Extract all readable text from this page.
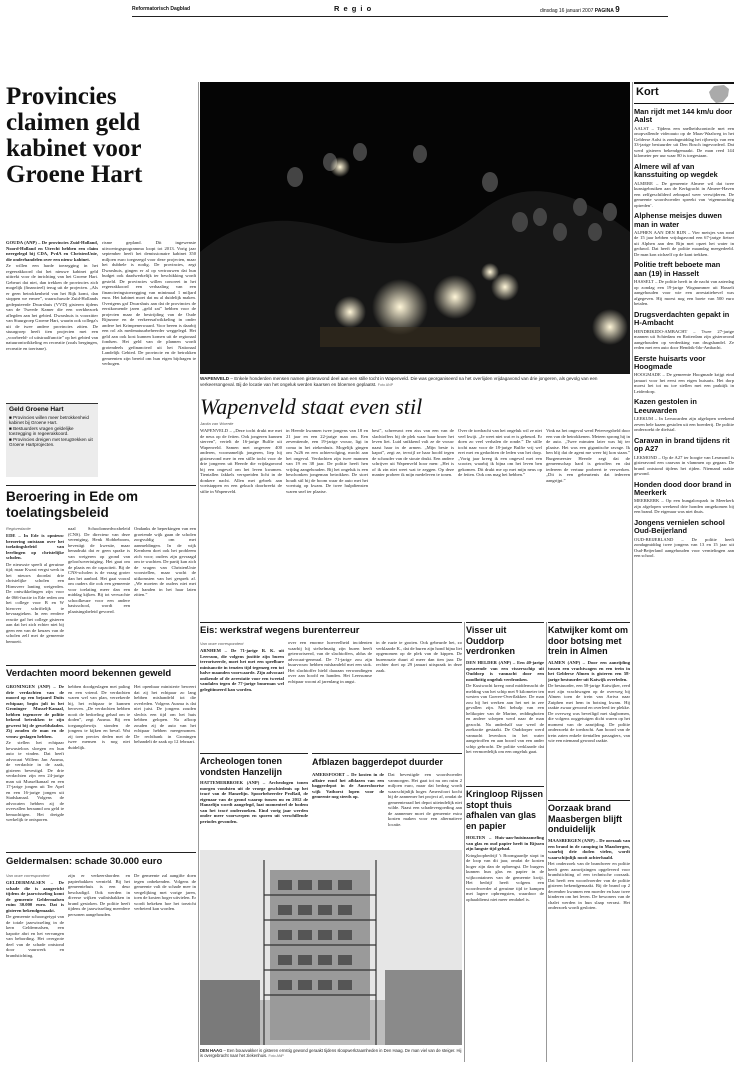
Reformatorisch Dagblad	R e g i o	dinsdag 16 januari 2007 PAGINA 9
Provincies claimen geld kabinet voor Groene Hart

GOUDA (ANP) – De provincies Zuid-Holland, Noord-Holland en Utrecht hebben een claim neergelegd bij CDA, PvdA en ChristenUnie, die onderhandelen over een nieuw kabinet.

Ze willen een harde toezegging in het regeerakkoord dat het nieuwe kabinet geld uittrekt voor de inrichting van het Groene Hart. Gebeurt dat niet, dan trekken de provincies zich mogelijk (financieel) terug uit de projecten. „Als er geen betrokkenheid van het Rijk komt, dan stoppen we ermee”, waarschuwde Zuid-Hollands gedeputeerde Dwarshuis (VVD) gisteren tijdens van de Tweede Kamer die een werkbezoek aflegden aan het gebied. Dwarshuis is voorzitter van Stuurgroep Groene Hart, waarin ook collega's uit de twee andere provincies zitten. De stuurgroep heeft tien projecten met een „voorbeeld- of uitstraalfunctie” op het gebied van natuurontwikkeling en recreatie (zoals bergingen, recreatie en toerisme).

risme gepland. Dit ingewenste uitvoeringsprogramma loopt tot 2013. Vorig jaar september heeft het demissionaire kabinet 350 miljoen euro toegezegd voor deze projecten, maar het dubbele is nodig. De provincies, zegt Dwarshuis, gingen er al op vertrouwen dat hun budget ook daadwerkelijk ter beschikking wordt gesteld. De provincies willen concreet in het regeerakkoord een verhaaling van een financieringstoezegging van minimaal 1 miljard euro. Het kabinet moet dat nu al duidelijk maken. Overigens gaf Dwarshuis aan dat de provincies de eerstkomende jaren „geld zat” hebben voor de projecten maar de bestrijding van de Oude Rijnzone en de verkeersafwikkeling in onder andere het Krimpenerwaard. Voor beeen is daarbij een rol als medenatuurbeheerder weggelegd. Het geld aan ook kost kunnen komen uit de regionaal fondsen. Het geld van de plannen wordt grotendeels gefinancierd uit het Nationaal Landelijk Gebied. De provincie en de betrokken gemeenten zijn bereid om hun eigen bijdragen te verhogen.

Geld Groene Hart
■ Provincies willen meer betrokkenheid kabinet bij Groene Hart.
■ Bestuurders vragen geldelijke toezegging in regeerakkoord.
■ Provincies dreigen met terugtrekken uit Groene Hartprojecten.
Beroering in Ede om toelatingsbeleid
Regioredactie

EDE – In Ede is opnieuw beroering ontstaan over het toelatingsbeleid van leerlingen op christelijke scholen.

De nieuwste speelt al geruime tijd; maar Kwast vergst werk in het nieuws doordat drie christelijke scholen een Hirnsveer lanting weigerden. De ontwikkelingen zijn voor de 066-fractie in Ede reden om het college voor B en W hierover schriftelijk te bevraagteken. In een eerdere reactie gaf het college gisteren aan dat het zich echter niet bij geen een van de keuzes van de scholen zelf met de gemeente bemoeit.

naal Schoolonnedvoxbeleid (CNS). De directeur van deze vereniging, Henk Slobbeboom, bevestigt de kwestie, maar benadrukt dat er geen sprake is van weigeren op grond van geloofsovertuiging. Het gaat om de plaats en de capaciteit. Bij de CNS-scholen is de vraag groter dan het aanbod. Het gaat vooral om ouders die ook een gemeente voor toelating meer dan een middag kijken. Bij tot verwachte schoolkeuze voor een andere basisschool, wordt een plaatsingsbeleid gevoerd.

Ondanks de beperkingen van een groeiende wijk gaan de scholen zorgvuldig om met aanmeldingen. In de wijk Kernhem doet ook het probleem zich voor; ouders zijn gevraagd om te wachten. De partij kan zich de vragen van ChristenUnie voorstellen, maar wacht de uitkomsten van het gesprek af. „We moeten de ouders niet met de handen in het haar laten zitten.”

WAPENVELD – Enkele honderden mensen namen gisteravond deel aan een stille tocht in Wapenveld. Die was georganiseerd na het overlijden vrijdagavond van drie jongeren, als gevolg van een verkeersongeval. Bij de locatie van het ongeluk werden kaarsen en bloemen geplaatst. Foto ANP
Wapenveld staat even stil
Janita van Woerde

WAPENVELD – „Deze tocht drukt me met de neus op de feiten. Ook jongeren kunnen sterven”, vertelt de 16-jarige Bulfie uit Wapenveld. Samen met ongeveer 400 anderen, voornamelijk jongeren, liep hij gisteravond mee in een stille tocht voor de drie jongeren uit Heerde die vrijdagavond bij een ongeval om het leven kwamen. Tientallen fakkels verspreiden licht in de donkere nacht. Allen met gebrek aan voetstappen en een gekuch doorbreekt de stilte in Wapenveld.

in Heerde kwamen twee jongens van 18 en 21 jaar en een 22-jarige man om. Een zeventiende, een 19-jarige vrouw, ligt in coma in het ziekenhuis. Mogelijk gingen om 7u26 en een achtervolging, mocht aan het ongeval. Verdachten zijn twee mannen van 19 en 38 jaar. De politie heeft hen vrijdag aangehouden. Bij het ongeluk is een beschonken jongeman betrokken. De stoet houdt stil bij de boom waar de auto met het voertuig op kwam. De twee hulpdiensten waren snel ter plaatse.

best”, schreeuwt een ziss van een van de slachtoffers bij de plek waar haar broer het leven liet. Luid snikkend valt ze de vrouw naast haar in de armen. „Mijn beste is kapot”, zegt ze, terwijl ze haar hoofd tegen de schouder van de stoute drukt. Een andere schrijver uit Wapenveld hoor men: „Het is of ik zin niet weet wat te zeggen. Op deze manier probeer ik mijn medeleven te tonen.

Over de toedracht van het ongeluk wil ze niet veel kwijt. „Je weet niet wat er is gebeurd. Er doen zo veel verhalen de ronde.” De stille tocht naar voor de 18-jarige Bulfie vrij wel eret met en gedachten de leden van het dorp. „Vorig jaar kreeg ik een ongeval met een scooter, waarbij ik bijna om het leven ben gekomen. Dit drukt me op met mijn neus op de feiten. Ook ons mag het hebben.”

Vink na het ongeval werd Petervegsbeld door een van de betrokkenen. Meteen sprong hij in de auto. „Twee minuten later was hij ter plaatse. Het was een gigantische ravage. Ik ben blij dat de agent me weer bij kon staan.” Burgemeester Heerde zegt dat de gemeenschap hard is getroffen en dat iedereen de vertuur probeert te verwerken. „Dit is een gebeurtenis dat iedereen aangrijpt.”

Verdachten moord bekennen geweld

GRONINGEN (ANP) – De drie verdachten van de moord op een bejaard Duits echtpaar, begin juli in het Groninger Mussel-Kanaal, hebben tegenover de politie bekend betrokken te zijn geweest bij de geweldsdaden. Zij zouden de man en de vrouw geslagen hebben.

Ze stellen het echtpaar bewusteloos sloegen en hun auto te vinden. Dat heeft advocaat Willem Jan Ausma, de verdachte in de zaak, gisteren bevestigd. De drie verdachten zijn een 24-jarige man uit Musselkanaal en een 17-jarige jongen uit Ter Apel en een 16-jarige jongen uit Stadskanaal. Volgens de advocaten hebben zij de overvallen beraamd om geld te bemachtigen. Het dreigde werkelijk te ontsporen.

hebben doodgeslagen met paling en een vriend. De verdachten waren wel van plan, verzekerde hij, het echtpaar te kunnen beroven. „De verdachten hebben nooit de bedoeling gehad om te doden”, zegt Ausma. Bij een toegangsbewijs stonden de jongens te kijken en beval. Wat zij toen precies deden met de twee mensen is nog niet duidelijk.

Het openbaar ministerie beweert dat zij het echtpaar zo lang hebben mishandeld tot die overleden. Volgens Ausma is dat niet juist. De jongens zouden slechts een tijd om het huis hebben gelopen. Na afloop zouden zij de auto van het echtpaar hebben meegenomen. De rechtbank in Groningen behandelt de zaak op 12 februari.

Geldermalsen: schade 30.000 euro
Van onze correspondent

GELDERMALSEN – De schade die is aangericht tijdens de jaarwisseling komt de gemeente Geldermalsen ruim 30.000 euro. Dat is gisteren bekendgemaakt.

De gemeente schoongetypt van de totale jaarwisseling in de kern Geldermalsen, een kapotte abri en het vervangen van bebording. Het overgrote deel van de schade ontstond door vuurwerk en brandstichting.

zijn er verkeersborden en papierbakken vernield. Bij het gemeentehuis is een deur beschadigd. Ook werden in diverse wijken vuilnisbakken in brand gestoken. De politie heeft tijdens de jaarwisseling meerdere personen aangehouden.

De gemeente zal aangifte doen tegen onbekenden. Volgens de gemeente valt de schade mee in vergelijking met vorige jaren, toen de kosten hoger uitvielen. Er wordt bekeken hoe het toezicht verbeterd kan worden.

Eis: werkstraf wegens burenterreur
Van onze correspondent

ARNHEM – De 71-jarige R. K. uit Leersum, die volgens justitie zijn buren terroriseerde, moet het met een speelbare minisanctie in tenzien tijd tegenzeg een tot halve maanden voorwaarde. Zijn advocaat ontkende of de arrestatie voor een tweetal vandalen tegen de 77-jarige buurman wel gelegitimeerd kan worden.

over een enorme hoeveelheid incidenten waarbij hij stelselmatig zijn buren heeft geterroriseerd, van de slachtoffers, aldus de advocaat-generaal. De 71-jarige zou zijn buurvrouw hebben mishandeld met een stok. Het slachtoffer hield daaraan verwondingen over aan hoofd en handen. Het Leersumse echtpaar woont al jarenlang in angst.

in de ruzie te gooien. Ook gebeurde het, zo verklaarde K., dat de buren zijn hond bijna liet opgenomen op de plek van de kippen. De burenruzie duurt al meer dan tien jaar. De rechter doet op 29 januari uitspraak in deze zaak.

Archeologen tonen vondsten Hanzelijn

HATTEMERBROEK (ANP) – Archeologen tonen morgen vondsten uit de vroege geschiedenis op het tracé van de Hanzelijn. Spoorbeheerder ProRail, de eigenaar van de grond waarop tussen nu en 2012 de Hanzelijn wordt aangelegd, laat momenteel de bodem van het tracé onderzoeken. Eind vorig jaar werden onder meer voorwerpen en sporen uit verschillende periodes gevonden.

Afblazen baggerdepot duurder

AMERSFOORT – De kosten in de affaire rond het afblazen van een baggerdepot in de Amersfoortse wijk Vathorst lopen voor de gemeente nog steeds op.

Dat bevestigde een woordvoerder vanmorgen. Het gaat tot nu om ruim 2 miljoen euro, maar dat bedrag wordt waarschijnlijk hoger. Amersfoort kocht bij de aannemer het project af, omdat de gemeenteraad het depot uiteindelijk niet wilde. Naast een schadevergoeding aan de aannemer moet de gemeente extra kosten maken voor een alternatieve locatie.

DEN HAAG – Een bouwvakker is gisteren ernstig gewond geraakt tijdens sloopwerkzaamheden in Den Haag. De man viel van de steiger. Hij is overgebracht naar het ziekenhuis. Foto ANP
Visser uit Ouddorp verdronken

DEN HELDER (ANP) – Een 40-jarige opvarende van een vissersschip uit Ouddorp is vannacht door een noodlottig ongeluk verdronken.

De Kustwacht kreeg rond middernacht de melding van het schip met 9 kilometer ten westen van Goeree-Overflakkee. De man zou bij het werken aan het net in zee gevallen zijn. Met behulp van een helikopter van de Marine, reddingboten en andere schepen werd naar de man gezocht. Na anderhalf uur werd de zoekactie gestaakt. De Ouddorper werd vannacht levenloos in het water aangetroffen en aan boord van een ander schip gebracht. De politie verklaarde dat het vermoedelijk om een ongeluk gaat.

Kringloop Rijssen stopt thuis afhalen van glas en papier

HOLTEN – Huis-aan-huisinzameling van glas en oud papier heeft in Rijssen zijn langste tijd gehad.

Kringloopbedrijf ’t Boomgaardje stopt in de loop van dit jaar, omdat de kosten hoger zijn dan de opbrengst. De burgers kunnen hun glas en papier in de wijkcontainers van de gemeente kwijt. Het bedrijf heeft volgens een woordvoerder al geruime tijd te kampen met lagere opbrengsten, waardoor de ophaaldienst niet meer rendabel is.

Katwijker komt om door botsing met trein in Almen

ALMEN (ANP) – Door een aanrijding tussen een vrachtwagen en een trein in het Gelderse Almen is gisteren een 58-jarige bestuurder uit Katwijk overleden.

De bestuurder, een 58-jarige Katwijker, reed met zijn vrachtwagen op de overweg bij Almen toen de trein van Arriva naar Zutphen met hem in botsing kwam. Hij raakte zwaar gewond en overleed ter plekke. De overweg was beveiligd met slagbomen, die volgens ooggetuigen dicht waren op het moment van de aanrijding. De politie onderzoekt de toedracht. Aan boord van de trein zaten enkele tientallen passagiers, van wie een niemand gewond raakte.

Oorzaak brand Maasbergen blijft onduidelijk

MAASBERGEN (ANP) – De oorzaak van een brand in de camping in Maasbergen, waarbij drie doden vielen, wordt waarschijnlijk nooit achterhaald.

Het onderzoek van de brandweer en politie heeft geen aanwijzingen opgeleverd voor brandstichting of een technische oorzaak. Dat heeft een woordvoerder van de politie gisteren bekendgemaakt. Bij de brand op 2 december kwamen een moeder en haar twee kinderen om het leven. De bewoners van de chalet werden in hun slaap verrast. Het onderzoek wordt gesloten.

Kort
Man rijdt met 144 km/u door Aalst
AALST – Tijdens een snelheidscontrole met een onopvallende videoauto op de Maas-Waalweg in het Gelderse Aalst is zondagmiddag het rijbewijs van een 33-jarige bestuurder uit Den Bosch ingevorderd. Dat werd gisteren bekendgemaakt. De man reed 144 kilometer per uur waar 80 is toegestaan.
Almere wil af van kansstuiting op wegdek
ALMERE – De gemeente Almere wil dat twee kunstgebruiken aan de Kerkgracht in Almere-Haven een zelfgeschilderd zebrapad weer verwijderen. De gemeente woordvoerder spreekt van ‘eigenmachtig optreden’.
Alphense meisjes duwen man in water
ALPHEN AAN DEN RIJN – Vier meisjes van rond de 15 jaar hebben vrijdagavond een 67-jarige fietser uit Alphen aan den Rijn met opzet het water in geduwd. Dat heeft de politie maandag meegedeeld. De man kon zichzelf op de kant trekken.
Politie treft beboete man aan (19) in Hasselt
HASSELT – De politie heeft in de nacht van zaterdag op zondag een 19-jarige Wognummer uit Hasselt aangehouden voor wie een arrestatiebevel was afgegeven. Hij moest nog een boete van 500 euro betalen.
Drugsverdachten gepakt in H-Ambacht
HENDRIKIDO-AMBACHT – Twee 27-jarige mannen uit Schiedam en Rotterdam zijn gisteravond aangehouden op verdenking van drugshandel. Ze reden met een auto door Hendrik-Ido-Ambacht.
Eerste huisarts voor Hoogmade
HOOGMADE – De gemeente Hoogmade krijgt eind januari voor het eerst een eigen huisarts. Het dorp moest het tot nu toe stellen met een praktijk in Leiderdorp.
Kazen gestolen in Leeuwarden
LEEKUM – In Leeuwarden zijn afgelopen weekend zeven hele kazen gestolen uit een boerderij. De politie onderzoekt de diefstal.
Caravan in brand tijdens rit op A27
LEKMOND – Op de A27 ter hoogte van Lexmond is gisteravond een caravan in vlammen op gegaan. De brand ontstond tijdens het rijden. Niemand raakte gewond.
Honden dood door brand in Meerkerk
MEERKERK – Op een bungalowpark in Meerkerk zijn afgelopen weekend drie honden omgekomen bij een brand. De eigenaar was niet thuis.
Jongens vernielen school Oud-Beijerland
OUD-BEIJERLAND – De politie heeft zondagmiddag twee jongens van 13 en 15 jaar uit Oud-Beijerland aangehouden voor vernielingen aan een school.
